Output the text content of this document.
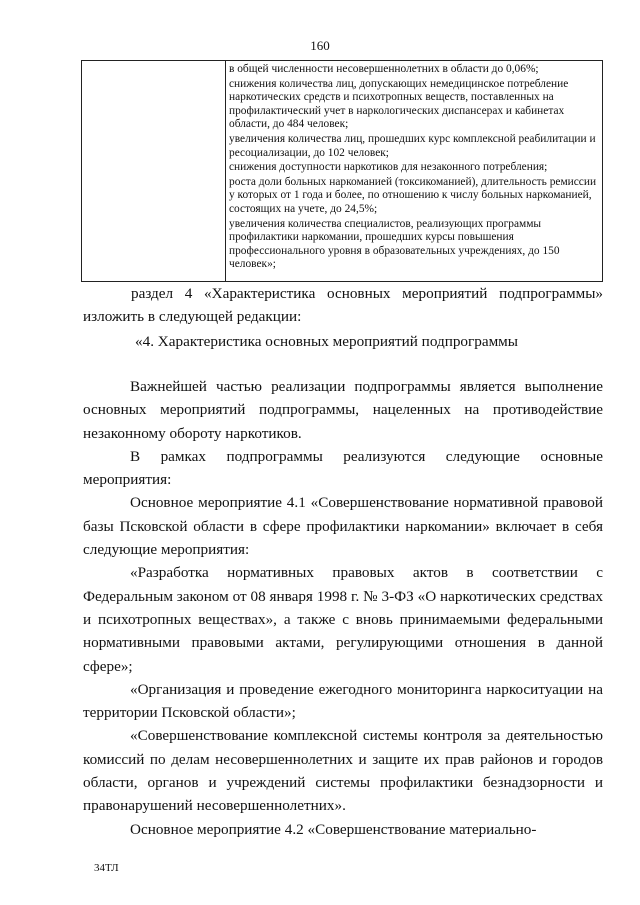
160

в общей численности несовершеннолетних в области до 0,06%;

снижения количества лиц, допускающих немедицинское потребление наркотических средств и психотропных веществ, поставленных на профилактический учет в наркологических диспансерах и кабинетах области, до 484 человек;

увеличения количества лиц, прошедших курс комплексной реабилитации и ресоциализации, до 102 человек;

снижения доступности наркотиков для незаконного потребления;

роста доли больных наркоманией (токсикоманией), длительность ремиссии у которых от 1 года и более, по отношению к числу больных наркоманией, состоящих на учете, до 24,5%;

увеличения количества специалистов, реализующих программы профилактики наркомании, прошедших курсы повышения профессионального уровня в образовательных учреждениях, до 150 человек»;

раздел 4 «Характеристика основных мероприятий подпрограммы»
изложить в следующей редакции:
«4. Характеристика основных мероприятий подпрограммы

Важнейшей частью реализации подпрограммы является выполнение основных мероприятий подпрограммы, нацеленных на противодействие незаконному обороту наркотиков.

В рамках подпрограммы реализуются следующие основные мероприятия:

Основное мероприятие 4.1 «Совершенствование нормативной правовой базы Псковской области в сфере профилактики наркомании» включает в себя следующие мероприятия:

«Разработка нормативных правовых актов в соответствии с Федеральным законом от 08 января 1998 г. № 3-ФЗ «О наркотических средствах и психотропных веществах», а также с вновь принимаемыми федеральными нормативными правовыми актами, регулирующими отношения в данной сфере»;

«Организация и проведение ежегодного мониторинга наркоситуации на территории Псковской области»;

«Совершенствование комплексной системы контроля за деятельностью комиссий по делам несовершеннолетних и защите их прав районов и городов области, органов и учреждений системы профилактики безнадзорности и правонарушений несовершеннолетних».

Основное мероприятие 4.2 «Совершенствование материально-

34ТЛ
